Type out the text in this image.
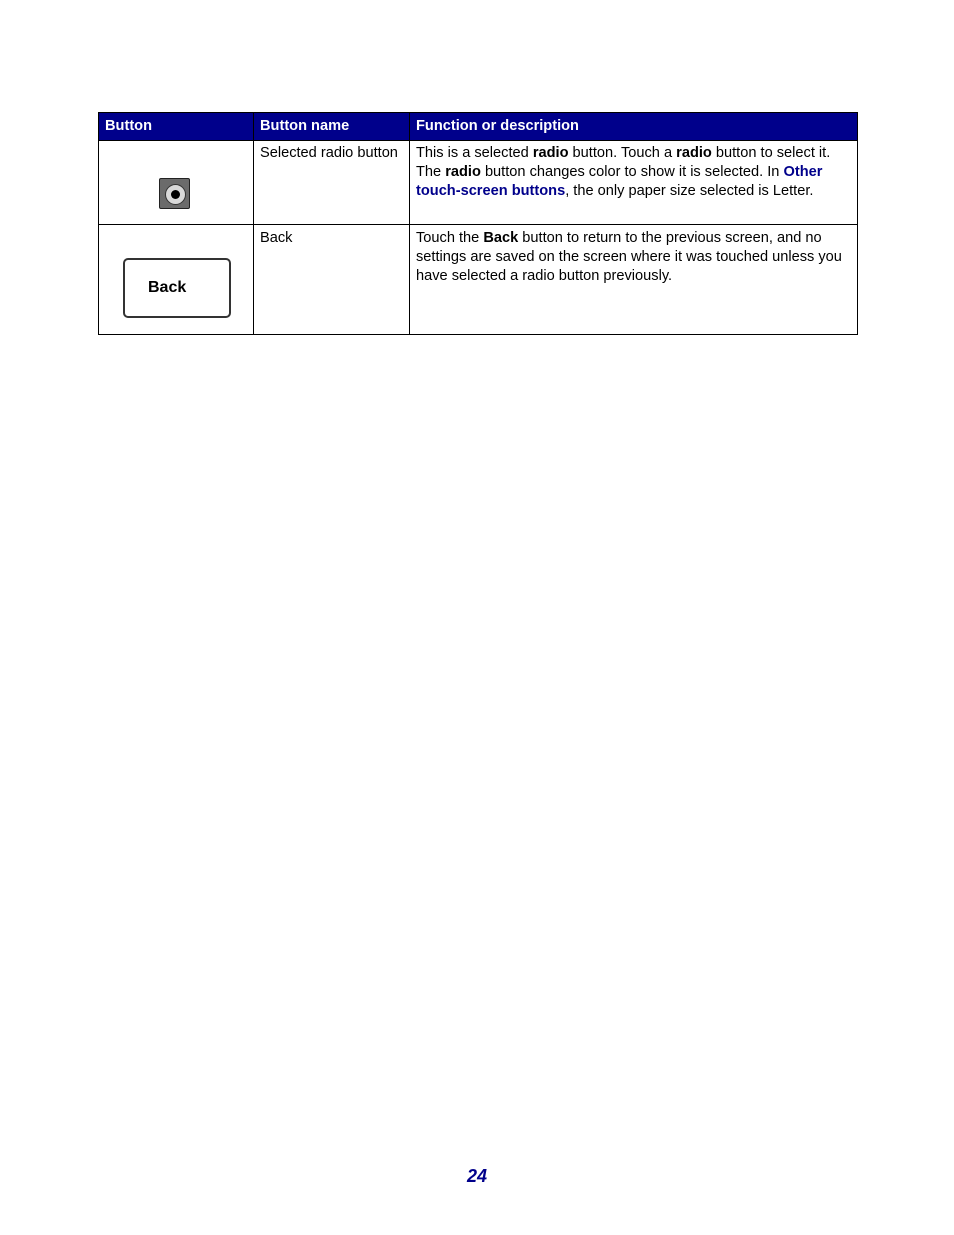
Button	Button name	Function or description

	Selected radio button	This is a selected radio button. Touch a radio button to select it. The radio button changes color to show it is selected. In Other touch-screen buttons, the only paper size selected is Letter.

Back	Back	Touch the Back button to return to the previous screen, and no settings are saved on the screen where it was touched unless you have selected a radio button previously.
24
